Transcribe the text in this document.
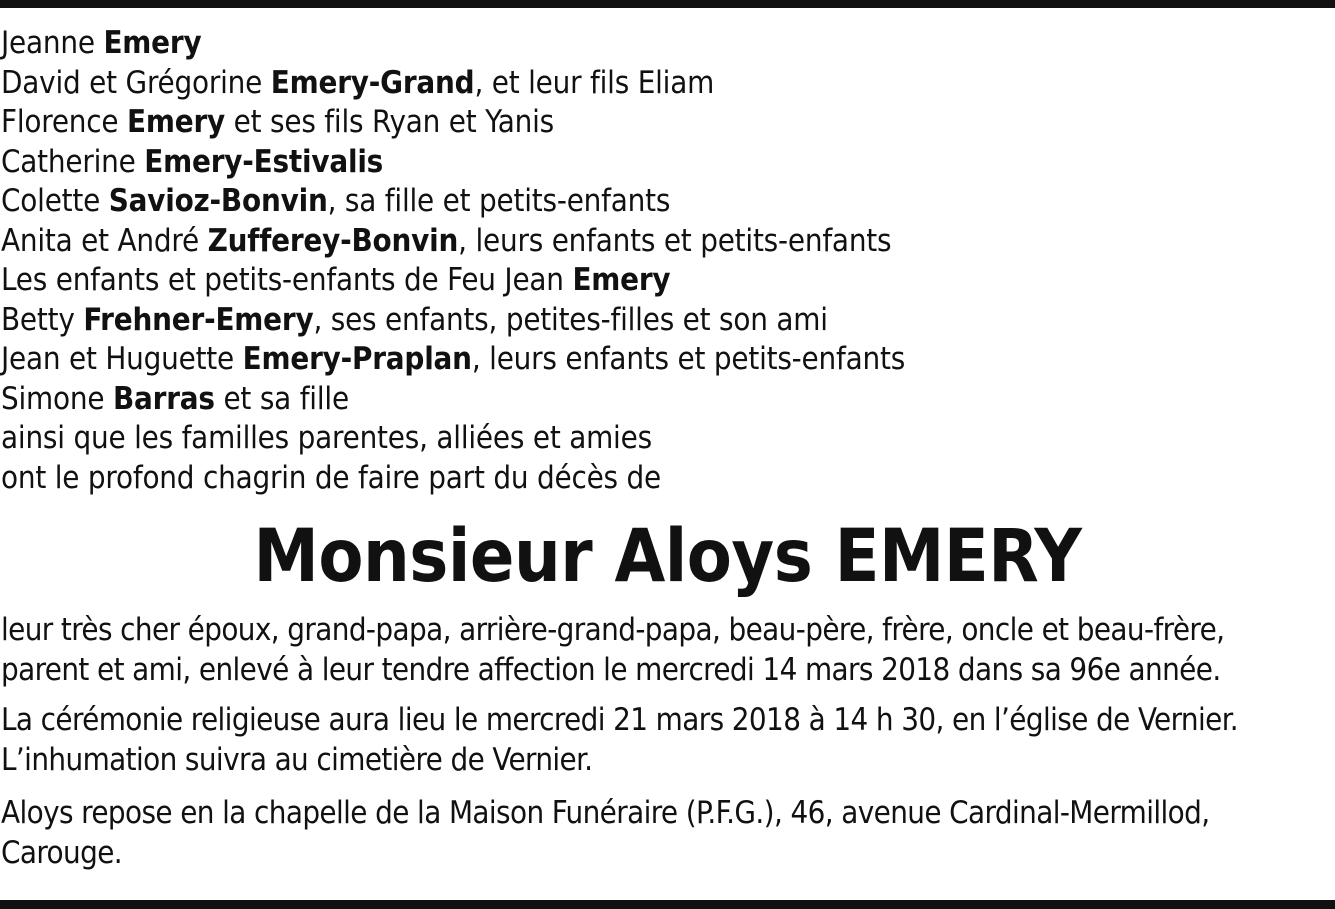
Jeanne Emery
David et Grégorine Emery-Grand, et leur fils Eliam
Florence Emery et ses fils Ryan et Yanis
Catherine Emery-Estivalis
Colette Savioz-Bonvin, sa fille et petits-enfants
Anita et André Zufferey-Bonvin, leurs enfants et petits-enfants
Les enfants et petits-enfants de Feu Jean Emery
Betty Frehner-Emery, ses enfants, petites-filles et son ami
Jean et Huguette Emery-Praplan, leurs enfants et petits-enfants
Simone Barras et sa fille
ainsi que les familles parentes, alliées et amies
ont le profond chagrin de faire part du décès de
Monsieur Aloys EMERY
leur très cher époux, grand-papa, arrière-grand-papa, beau-père, frère, oncle et beau-frère,
parent et ami, enlevé à leur tendre affection le mercredi 14 mars 2018 dans sa 96e année.
La cérémonie religieuse aura lieu le mercredi 21 mars 2018 à 14 h 30, en l’église de Vernier.
L’inhumation suivra au cimetière de Vernier.
Aloys repose en la chapelle de la Maison Funéraire (P.F.G.), 46, avenue Cardinal-Mermillod,
Carouge.
